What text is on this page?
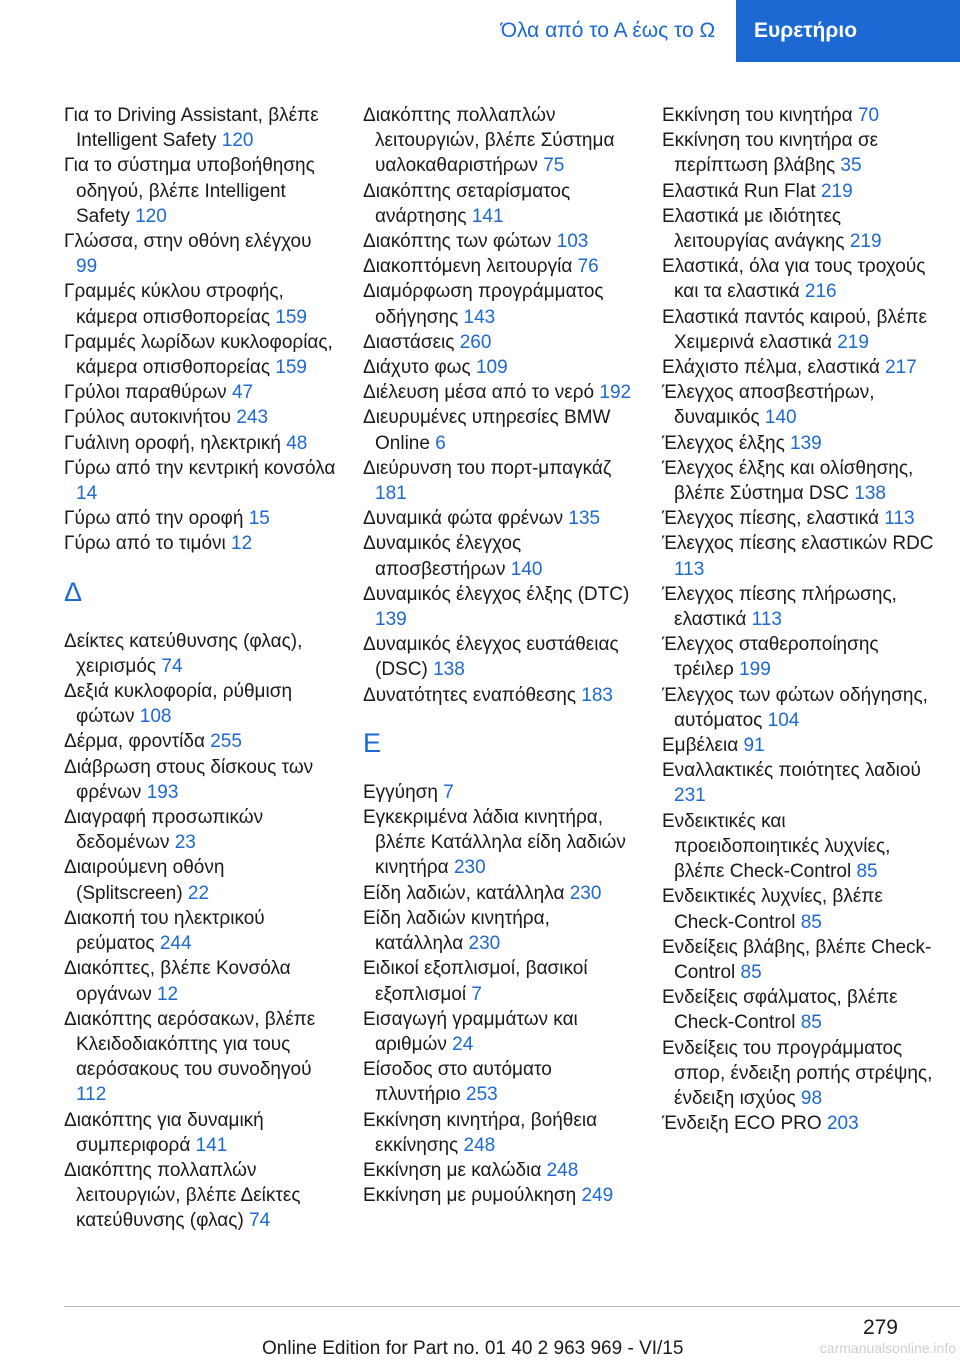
Όλα από το Α έως το Ω	Ευρετήριο

Για το Driving Assistant, βλέπε Intelligent Safety 120

Για το σύστημα υποβοήθησης οδηγού, βλέπε Intelligent Safety 120

Γλώσσα, στην οθόνη ελέγχου 99

Γραμμές κύκλου στροφής, κάμερα οπισθοπορείας 159

Γραμμές λωρίδων κυκλοφορίας, κάμερα οπισθοπορείας 159

Γρύλοι παραθύρων 47

Γρύλος αυτοκινήτου 243

Γυάλινη οροφή, ηλεκτρική 48

Γύρω από την κεντρική κονσόλα 14

Γύρω από την οροφή 15

Γύρω από το τιμόνι 12

Δ

Δείκτες κατεύθυνσης (φλας), χειρισμός 74

Δεξιά κυκλοφορία, ρύθμιση φώτων 108

Δέρμα, φροντίδα 255

Διάβρωση στους δίσκους των φρένων 193

Διαγραφή προσωπικών δεδομένων 23

Διαιρούμενη οθόνη (Splitscreen) 22

Διακοπή του ηλεκτρικού ρεύματος 244

Διακόπτες, βλέπε Κονσόλα οργάνων 12

Διακόπτης αερόσακων, βλέπε Κλειδοδιακόπτης για τους αερόσακους του συνοδηγού 112

Διακόπτης για δυναμική συμπεριφορά 141

Διακόπτης πολλαπλών λειτουργιών, βλέπε Δείκτες κατεύθυνσης (φλας) 74

Διακόπτης πολλαπλών λειτουργιών, βλέπε Σύστημα υαλοκαθαριστήρων 75

Διακόπτης σεταρίσματος ανάρτησης 141

Διακόπτης των φώτων 103

Διακοπτόμενη λειτουργία 76

Διαμόρφωση προγράμματος οδήγησης 143

Διαστάσεις 260

Διάχυτο φως 109

Διέλευση μέσα από το νερό 192

Διευρυμένες υπηρεσίες BMW Online 6

Διεύρυνση του πορτ-μπαγκάζ 181

Δυναμικά φώτα φρένων 135

Δυναμικός έλεγχος αποσβεστήρων 140

Δυναμικός έλεγχος έλξης (DTC) 139

Δυναμικός έλεγχος ευστάθειας (DSC) 138

Δυνατότητες εναπόθεσης 183

Ε

Εγγύηση 7

Εγκεκριμένα λάδια κινητήρα, βλέπε Κατάλληλα είδη λαδιών κινητήρα 230

Είδη λαδιών, κατάλληλα 230

Είδη λαδιών κινητήρα, κατάλληλα 230

Ειδικοί εξοπλισμοί, βασικοί εξοπλισμοί 7

Εισαγωγή γραμμάτων και αριθμών 24

Είσοδος στο αυτόματο πλυντήριο 253

Εκκίνηση κινητήρα, βοήθεια εκκίνησης 248

Εκκίνηση με καλώδια 248

Εκκίνηση με ρυμούλκηση 249

Εκκίνηση του κινητήρα 70

Εκκίνηση του κινητήρα σε περίπτωση βλάβης 35

Ελαστικά Run Flat 219

Ελαστικά με ιδιότητες λειτουργίας ανάγκης 219

Ελαστικά, όλα για τους τροχούς και τα ελαστικά 216

Ελαστικά παντός καιρού, βλέπε Χειμερινά ελαστικά 219

Ελάχιστο πέλμα, ελαστικά 217

Έλεγχος αποσβεστήρων, δυναμικός 140

Έλεγχος έλξης 139

Έλεγχος έλξης και ολίσθησης, βλέπε Σύστημα DSC 138

Έλεγχος πίεσης, ελαστικά 113

Έλεγχος πίεσης ελαστικών RDC 113

Έλεγχος πίεσης πλήρωσης, ελαστικά 113

Έλεγχος σταθεροποίησης τρέιλερ 199

Έλεγχος των φώτων οδήγησης, αυτόματος 104

Εμβέλεια 91

Εναλλακτικές ποιότητες λαδιού 231

Ενδεικτικές και προειδοποιητικές λυχνίες, βλέπε Check-Control 85

Ενδεικτικές λυχνίες, βλέπε Check-Control 85

Ενδείξεις βλάβης, βλέπε Check-Control 85

Ενδείξεις σφάλματος, βλέπε Check-Control 85

Ενδείξεις του προγράμματος σπορ, ένδειξη ροπής στρέψης, ένδειξη ισχύος 98

Ένδειξη ECO PRO 203

279
Online Edition for Part no. 01 40 2 963 969 - VI/15	carmanualsonline.info
